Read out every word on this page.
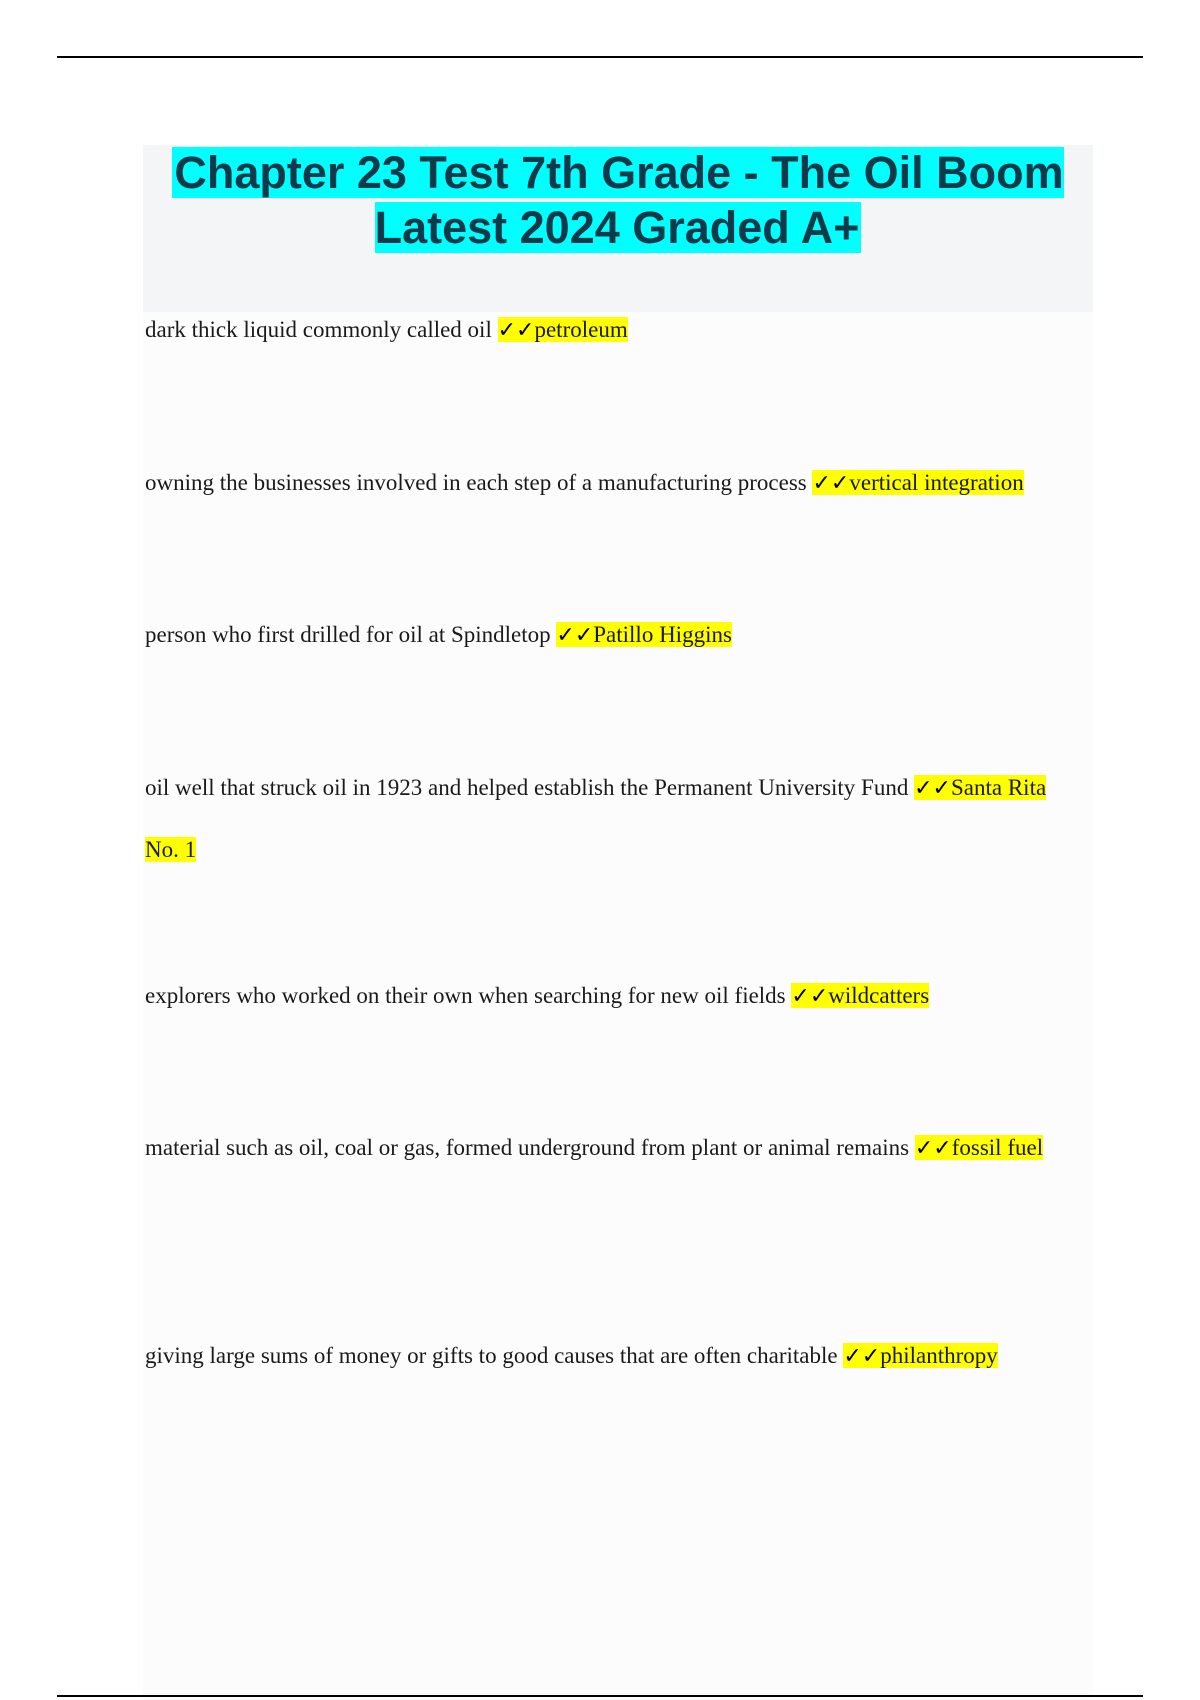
Chapter 23 Test 7th Grade - The Oil Boom Latest 2024 Graded A+

dark thick liquid commonly called oil ✓✓petroleum

owning the businesses involved in each step of a manufacturing process ✓✓vertical integration

person who first drilled for oil at Spindletop ✓✓Patillo Higgins

oil well that struck oil in 1923 and helped establish the Permanent University Fund ✓✓Santa Rita No. 1

explorers who worked on their own when searching for new oil fields ✓✓wildcatters

material such as oil, coal or gas, formed underground from plant or animal remains ✓✓fossil fuel

giving large sums of money or gifts to good causes that are often charitable ✓✓philanthropy
